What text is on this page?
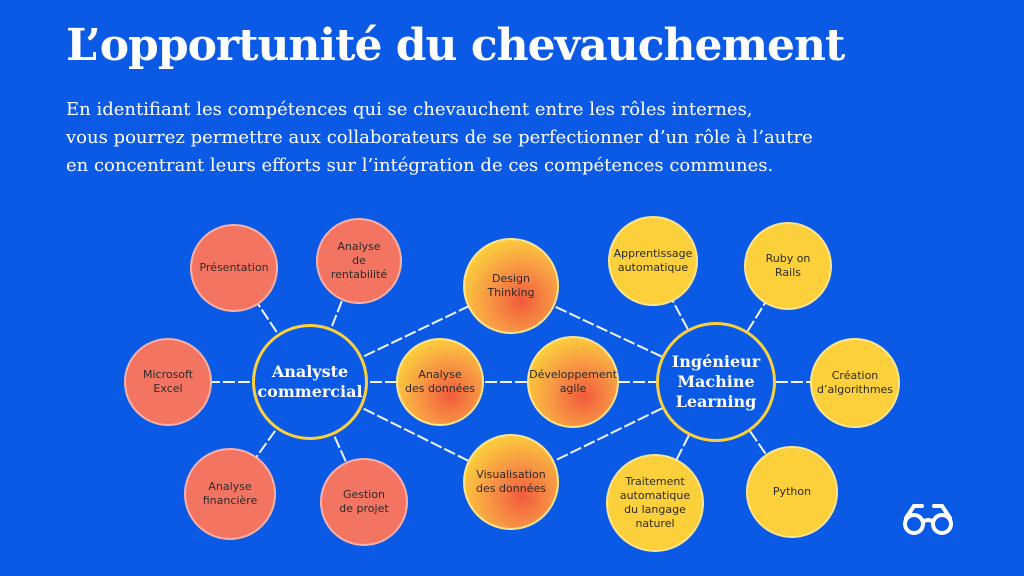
L’opportunité du chevauchement
En identifiant les compétences qui se chevauchent entre les rôles internes,
vous pourrez permettre aux collaborateurs de se perfectionner d’un rôle à l’autre
en concentrant leurs efforts sur l’intégration de ces compétences communes.
Présentation
Analyse
de rentabilité
Microsoft
Excel
Analyse
financière	Gestion
de projet
Design
Thinking
Analyse
des données
Développement
agile
Visualisation
des données
Apprentissage
automatique
Ruby on
Rails
Création
d’algorithmes
Traitement
automatique
du langage
naturel
Python
Analyste
commercial
Ingénieur
Machine
Learning
